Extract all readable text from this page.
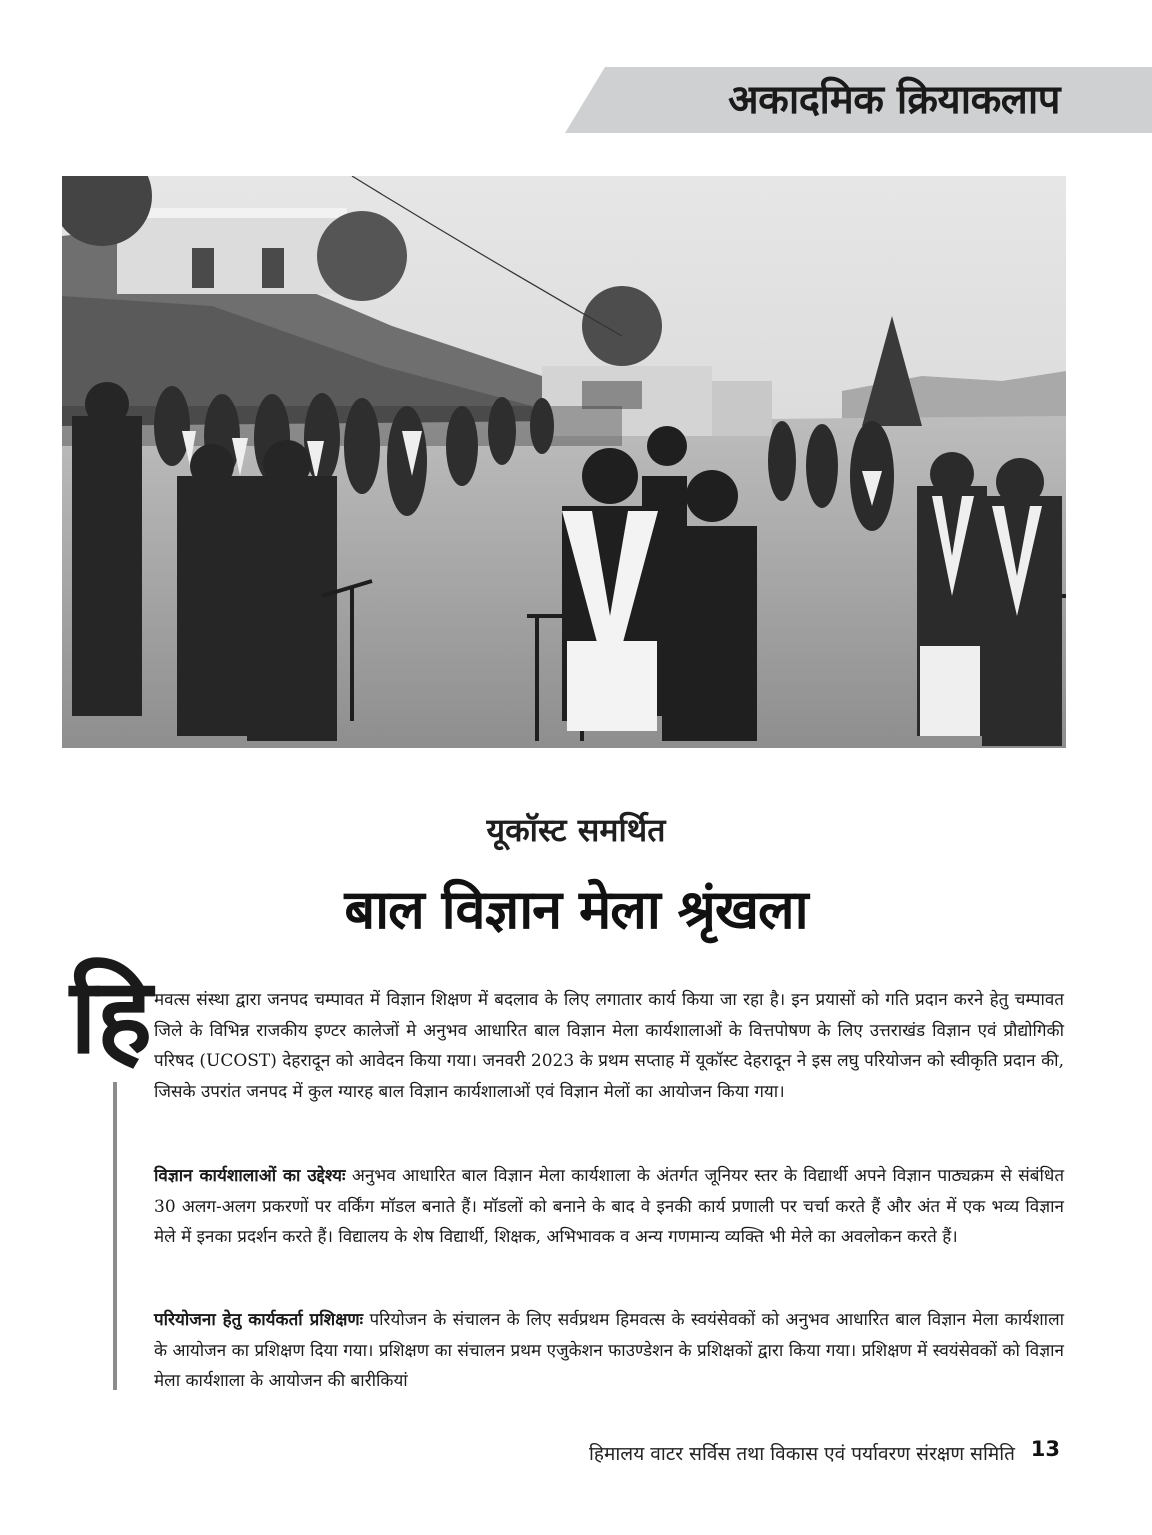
अकादमिक क्रियाकलाप
यूकॉस्ट समर्थित
बाल विज्ञान मेला श्रृंखला
हि मवत्स संस्था द्वारा जनपद चम्पावत में विज्ञान शिक्षण में बदलाव के लिए लगातार कार्य किया जा रहा है। इन प्रयासों को गति प्रदान करने हेतु चम्पावत जिले के विभिन्न राजकीय इण्टर कालेजों मे अनुभव आधारित बाल विज्ञान मेला कार्यशालाओं के वित्तपोषण के लिए उत्तराखंड विज्ञान एवं प्रौद्योगिकी परिषद (UCOST) देहरादून को आवेदन किया गया। जनवरी 2023 के प्रथम सप्ताह में यूकॉस्ट देहरादून ने इस लघु परियोजन को स्वीकृति प्रदान की, जिसके उपरांत जनपद में कुल ग्यारह बाल विज्ञान कार्यशालाओं एवं विज्ञान मेलों का आयोजन किया गया।

विज्ञान कार्यशालाओं का उद्देश्यः अनुभव आधारित बाल विज्ञान मेला कार्यशाला के अंतर्गत जूनियर स्तर के विद्यार्थी अपने विज्ञान पाठ्यक्रम से संबंधित 30 अलग-अलग प्रकरणों पर वर्किंग मॉडल बनाते हैं। मॉडलों को बनाने के बाद वे इनकी कार्य प्रणाली पर चर्चा करते हैं और अंत में एक भव्य विज्ञान मेले में इनका प्रदर्शन करते हैं। विद्यालय के शेष विद्यार्थी, शिक्षक, अभिभावक व अन्य गणमान्य व्यक्ति भी मेले का अवलोकन करते हैं।

परियोजना हेतु कार्यकर्ता प्रशिक्षणः परियोजन के संचालन के लिए सर्वप्रथम हिमवत्स के स्वयंसेवकों को अनुभव आधारित बाल विज्ञान मेला कार्यशाला के आयोजन का प्रशिक्षण दिया गया। प्रशिक्षण का संचालन प्रथम एजुकेशन फाउण्डेशन के प्रशिक्षकों द्वारा किया गया। प्रशिक्षण में स्वयंसेवकों को विज्ञान मेला कार्यशाला के आयोजन की बारीकियां

हिमालय वाटर सर्विस तथा विकास एवं पर्यावरण संरक्षण समिति 13
